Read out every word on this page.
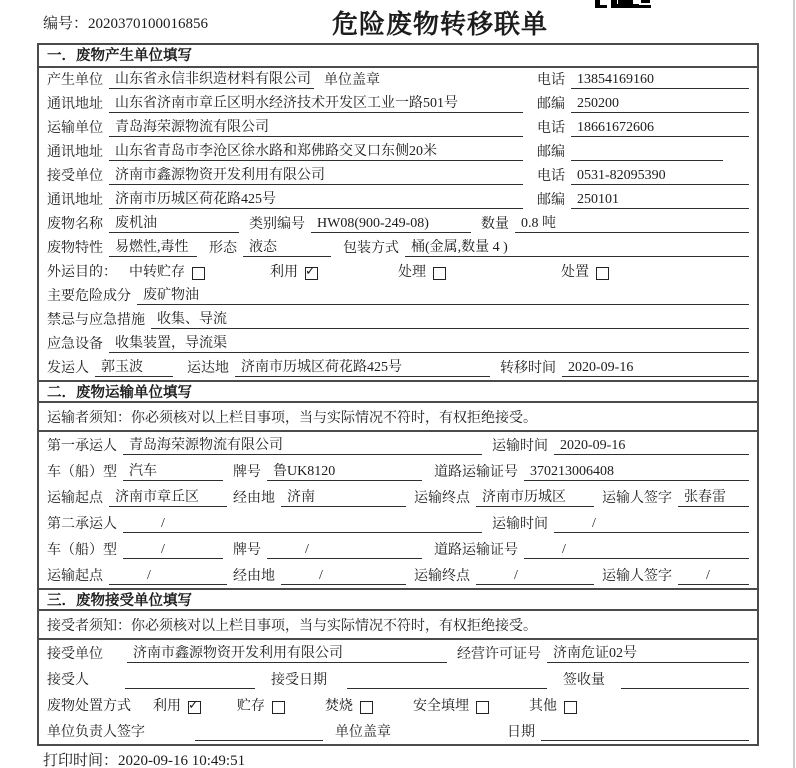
编号：2020370100016856	危险废物转移联单
一．废物产生单位填写
产生单位 山东省永信非织造材料有限公司 单位盖章	电话 13854169160
通讯地址 山东省济南市章丘区明水经济技术开发区工业一路501号	邮编 250200
运输单位 青岛海荣源物流有限公司	电话 18661672606
通讯地址 山东省青岛市李沧区徐水路和郑佛路交叉口东侧20米	邮编
接受单位 济南市鑫源物资开发利用有限公司	电话 0531-82095390
通讯地址 济南市历城区荷花路425号	邮编 250101
废物名称 废机油	类别编号 HW08(900-249-08)	数量 0.8 吨
废物特性 易燃性,毒性	形态 液态	包装方式 桶(金属,数量 4 )
外运目的： 中转贮存	利用 ✓	处理	处置
主要危险成分 废矿物油
禁忌与应急措施 收集、导流
应急设备 收集装置，导流渠
发运人 郭玉波	运达地 济南市历城区荷花路425号	转移时间 2020-09-16
二．废物运输单位填写
运输者须知：你必须核对以上栏目事项，当与实际情况不符时，有权拒绝接受。
第一承运人 青岛海荣源物流有限公司	运输时间 2020-09-16
车（船）型 汽车	牌号 鲁UK8120	道路运输证号 370213006408
运输起点 济南市章丘区	经由地 济南	运输终点 济南市历城区	运输人签字 张春雷
第二承运人	/	运输时间	/
车（船）型	/	牌号	/	道路运输证号	/
运输起点	/	经由地	/	运输终点	/	运输人签字	/
三．废物接受单位填写
接受者须知：你必须核对以上栏目事项，当与实际情况不符时，有权拒绝接受。
接受单位	济南市鑫源物资开发利用有限公司	经营许可证号 济南危证02号
接受人	接受日期	签收量
废物处置方式 利用 ✓	贮存	焚烧	安全填埋	其他
单位负责人签字	单位盖章	日期
打印时间：2020-09-16 10:49:51
